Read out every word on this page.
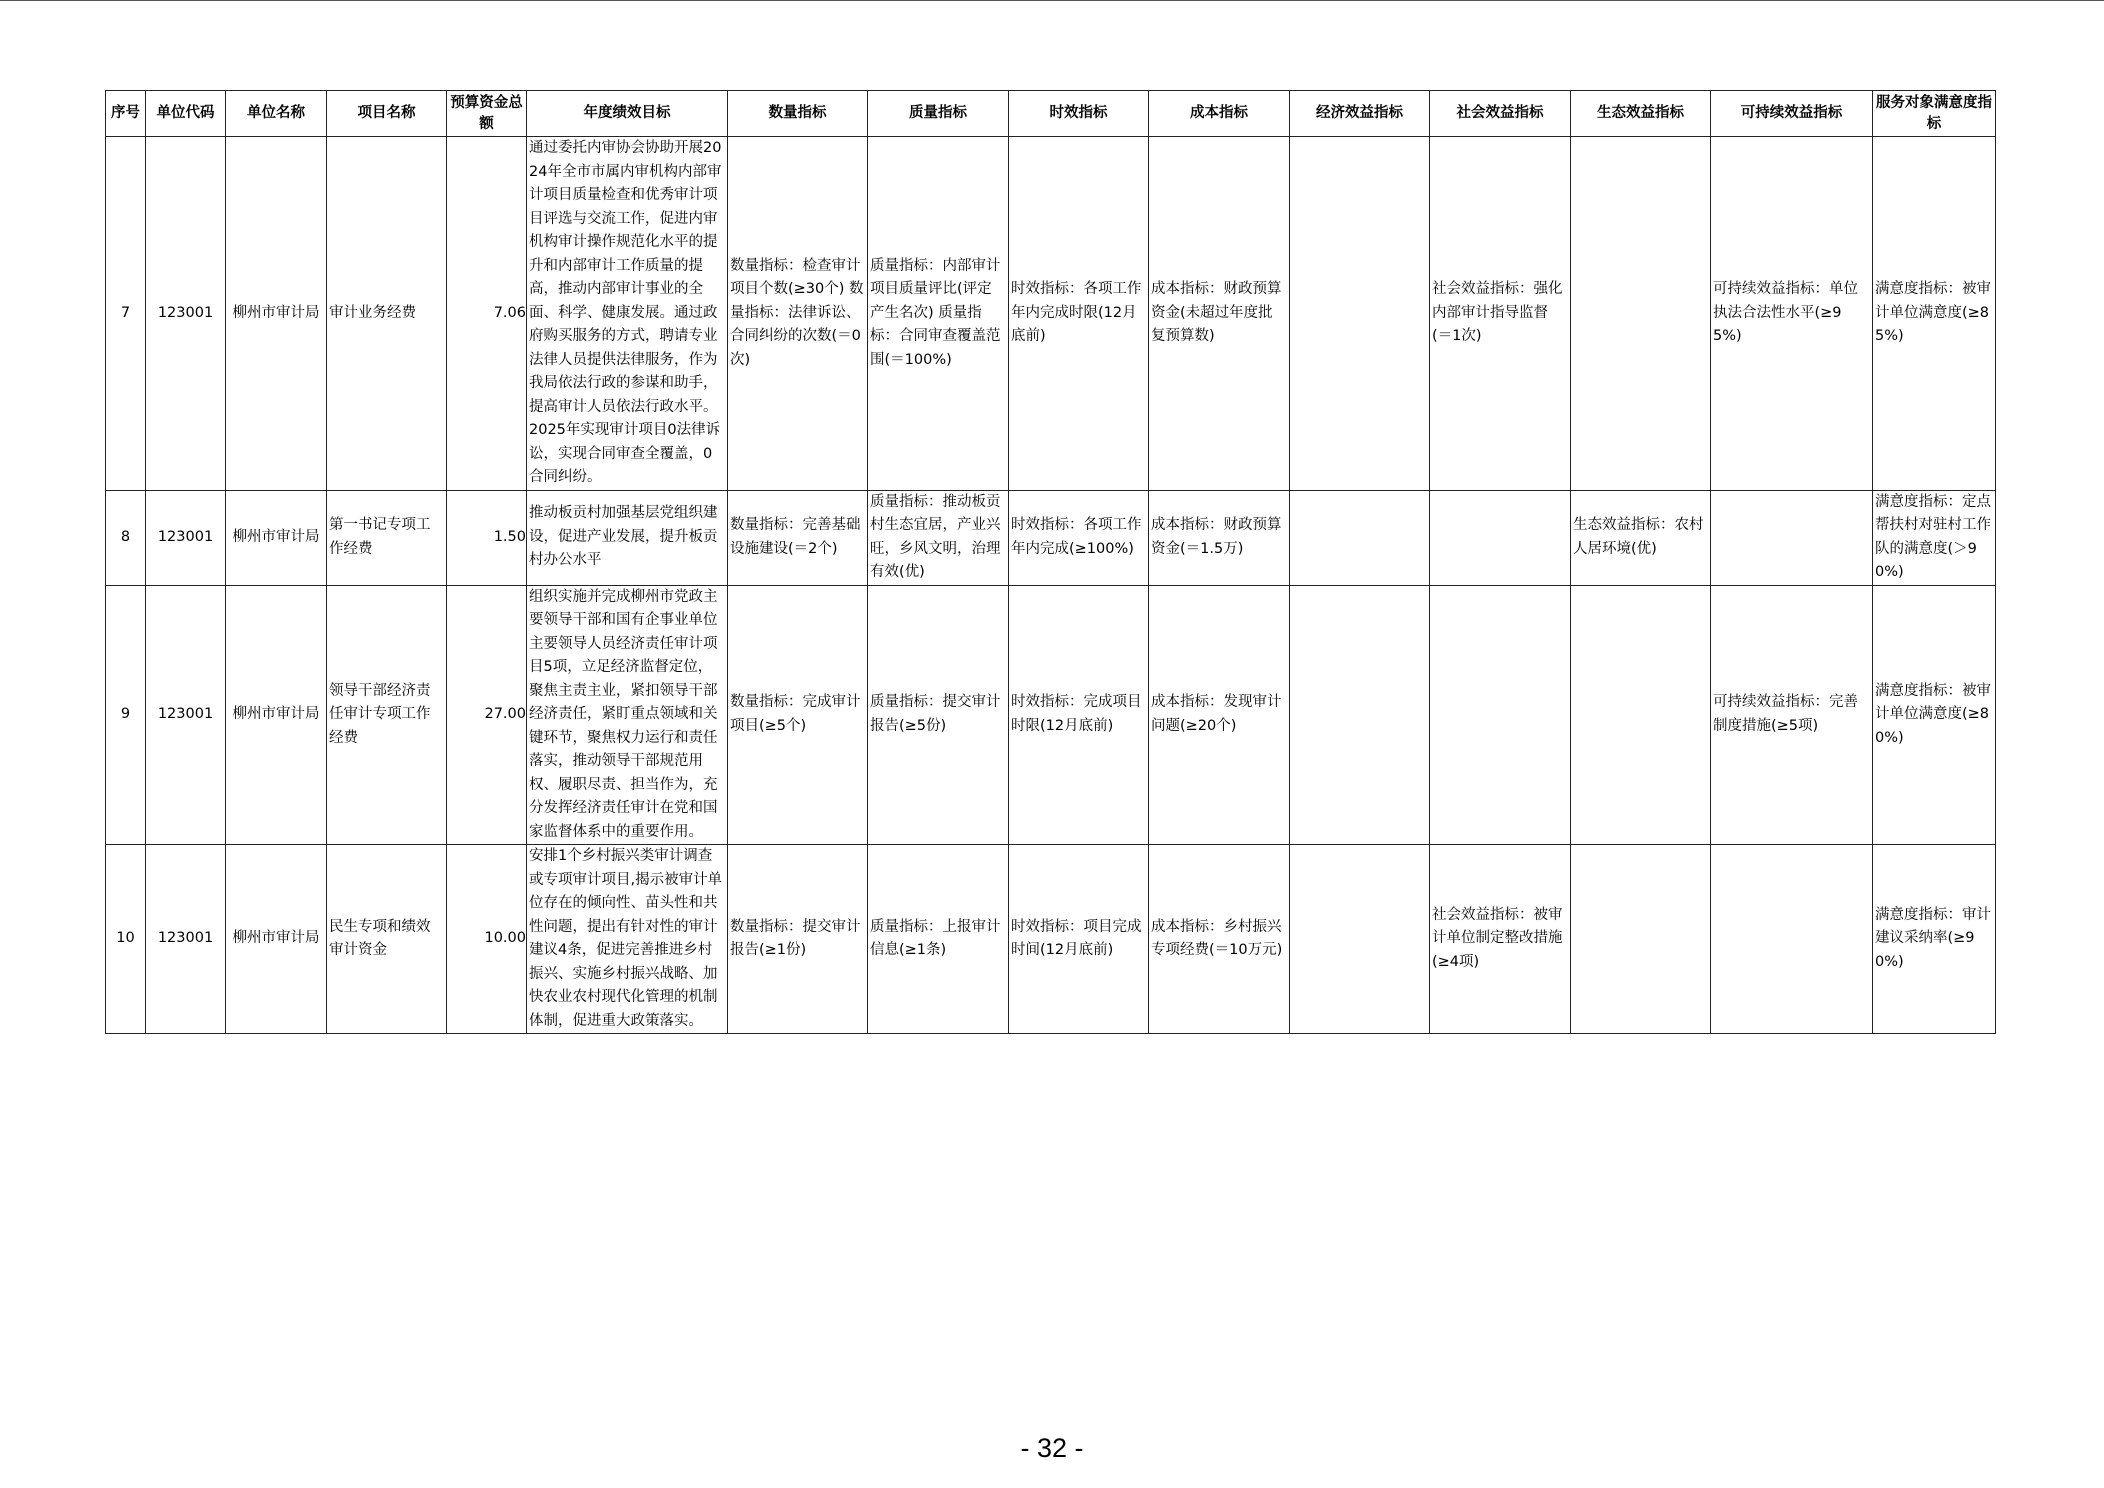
序号	单位代码	单位名称	项目名称	预算资金总额	年度绩效目标	数量指标	质量指标	时效指标	成本指标	经济效益指标	社会效益指标	生态效益指标	可持续效益指标	服务对象满意度指标
7	123001	柳州市审计局	审计业务经费	7.06	通过委托内审协会协助开展2024年全市市属内审机构内部审计项目质量检查和优秀审计项目评选与交流工作，促进内审机构审计操作规范化水平的提升和内部审计工作质量的提高，推动内部审计事业的全面、科学、健康发展。通过政府购买服务的方式，聘请专业法律人员提供法律服务，作为我局依法行政的参谋和助手，提高审计人员依法行政水平。2025年实现审计项目0法律诉讼，实现合同审查全覆盖，0合同纠纷。	数量指标：检查审计项目个数(≥30个) 数量指标：法律诉讼、合同纠纷的次数(＝0次)	质量指标：内部审计项目质量评比(评定产生名次) 质量指标：合同审查覆盖范围(＝100%)	时效指标：各项工作年内完成时限(12月底前)	成本指标：财政预算资金(未超过年度批复预算数)		社会效益指标：强化内部审计指导监督(＝1次)		可持续效益指标：单位执法合法性水平(≥95%)	满意度指标：被审计单位满意度(≥85%)
8	123001	柳州市审计局	第一书记专项工作经费	1.50	推动板贡村加强基层党组织建设，促进产业发展，提升板贡村办公水平	数量指标：完善基础设施建设(＝2个)	质量指标：推动板贡村生态宜居，产业兴旺，乡风文明，治理有效(优)	时效指标：各项工作年内完成(≥100%)	成本指标：财政预算资金(＝1.5万)			生态效益指标：农村人居环境(优)		满意度指标：定点帮扶村对驻村工作队的满意度(＞90%)
9	123001	柳州市审计局	领导干部经济责任审计专项工作经费	27.00	组织实施并完成柳州市党政主要领导干部和国有企事业单位主要领导人员经济责任审计项目5项，立足经济监督定位，聚焦主责主业，紧扣领导干部经济责任，紧盯重点领域和关键环节，聚焦权力运行和责任落实，推动领导干部规范用权、履职尽责、担当作为，充分发挥经济责任审计在党和国家监督体系中的重要作用。	数量指标：完成审计项目(≥5个)	质量指标：提交审计报告(≥5份)	时效指标：完成项目时限(12月底前)	成本指标：发现审计问题(≥20个)				可持续效益指标：完善制度措施(≥5项)	满意度指标：被审计单位满意度(≥80%)
10	123001	柳州市审计局	民生专项和绩效审计资金	10.00	安排1个乡村振兴类审计调查或专项审计项目,揭示被审计单位存在的倾向性、苗头性和共性问题，提出有针对性的审计建议4条，促进完善推进乡村振兴、实施乡村振兴战略、加快农业农村现代化管理的机制体制，促进重大政策落实。	数量指标：提交审计报告(≥1份)	质量指标：上报审计信息(≥1条)	时效指标：项目完成时间(12月底前)	成本指标：乡村振兴专项经费(＝10万元)		社会效益指标：被审计单位制定整改措施(≥4项)			满意度指标：审计建议采纳率(≥90%)
- 32 -
